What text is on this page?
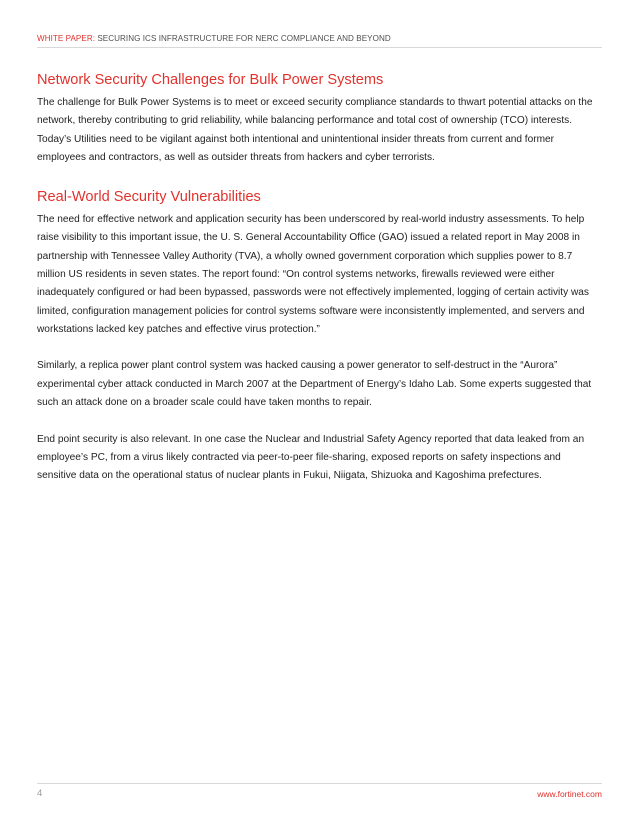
WHITE PAPER: SECURING ICS INFRASTRUCTURE FOR NERC COMPLIANCE AND BEYOND
Network Security Challenges for Bulk Power Systems

The challenge for Bulk Power Systems is to meet or exceed security compliance standards to thwart potential attacks on the network, thereby contributing to grid reliability, while balancing performance and total cost of ownership (TCO) interests. Today’s Utilities need to be vigilant against both intentional and unintentional insider threats from current and former employees and contractors, as well as outsider threats from hackers and cyber terrorists.

Real-World Security Vulnerabilities

The need for effective network and application security has been underscored by real-world industry assessments. To help raise visibility to this important issue, the U. S. General Accountability Office (GAO) issued a related report in May 2008 in partnership with Tennessee Valley Authority (TVA), a wholly owned government corporation which supplies power to 8.7 million US residents in seven states. The report found: “On control systems networks, firewalls reviewed were either inadequately configured or had been bypassed, passwords were not effectively implemented, logging of certain activity was limited, configuration management policies for control systems software were inconsistently implemented, and servers and workstations lacked key patches and effective virus protection.”

Similarly, a replica power plant control system was hacked causing a power generator to self-destruct in the “Aurora” experimental cyber attack conducted in March 2007 at the Department of Energy’s Idaho Lab. Some experts suggested that such an attack done on a broader scale could have taken months to repair.

End point security is also relevant. In one case the Nuclear and Industrial Safety Agency reported that data leaked from an employee’s PC, from a virus likely contracted via peer-to-peer file-sharing, exposed reports on safety inspections and sensitive data on the operational status of nuclear plants in Fukui, Niigata, Shizuoka and Kagoshima prefectures.

4	www.fortinet.com
